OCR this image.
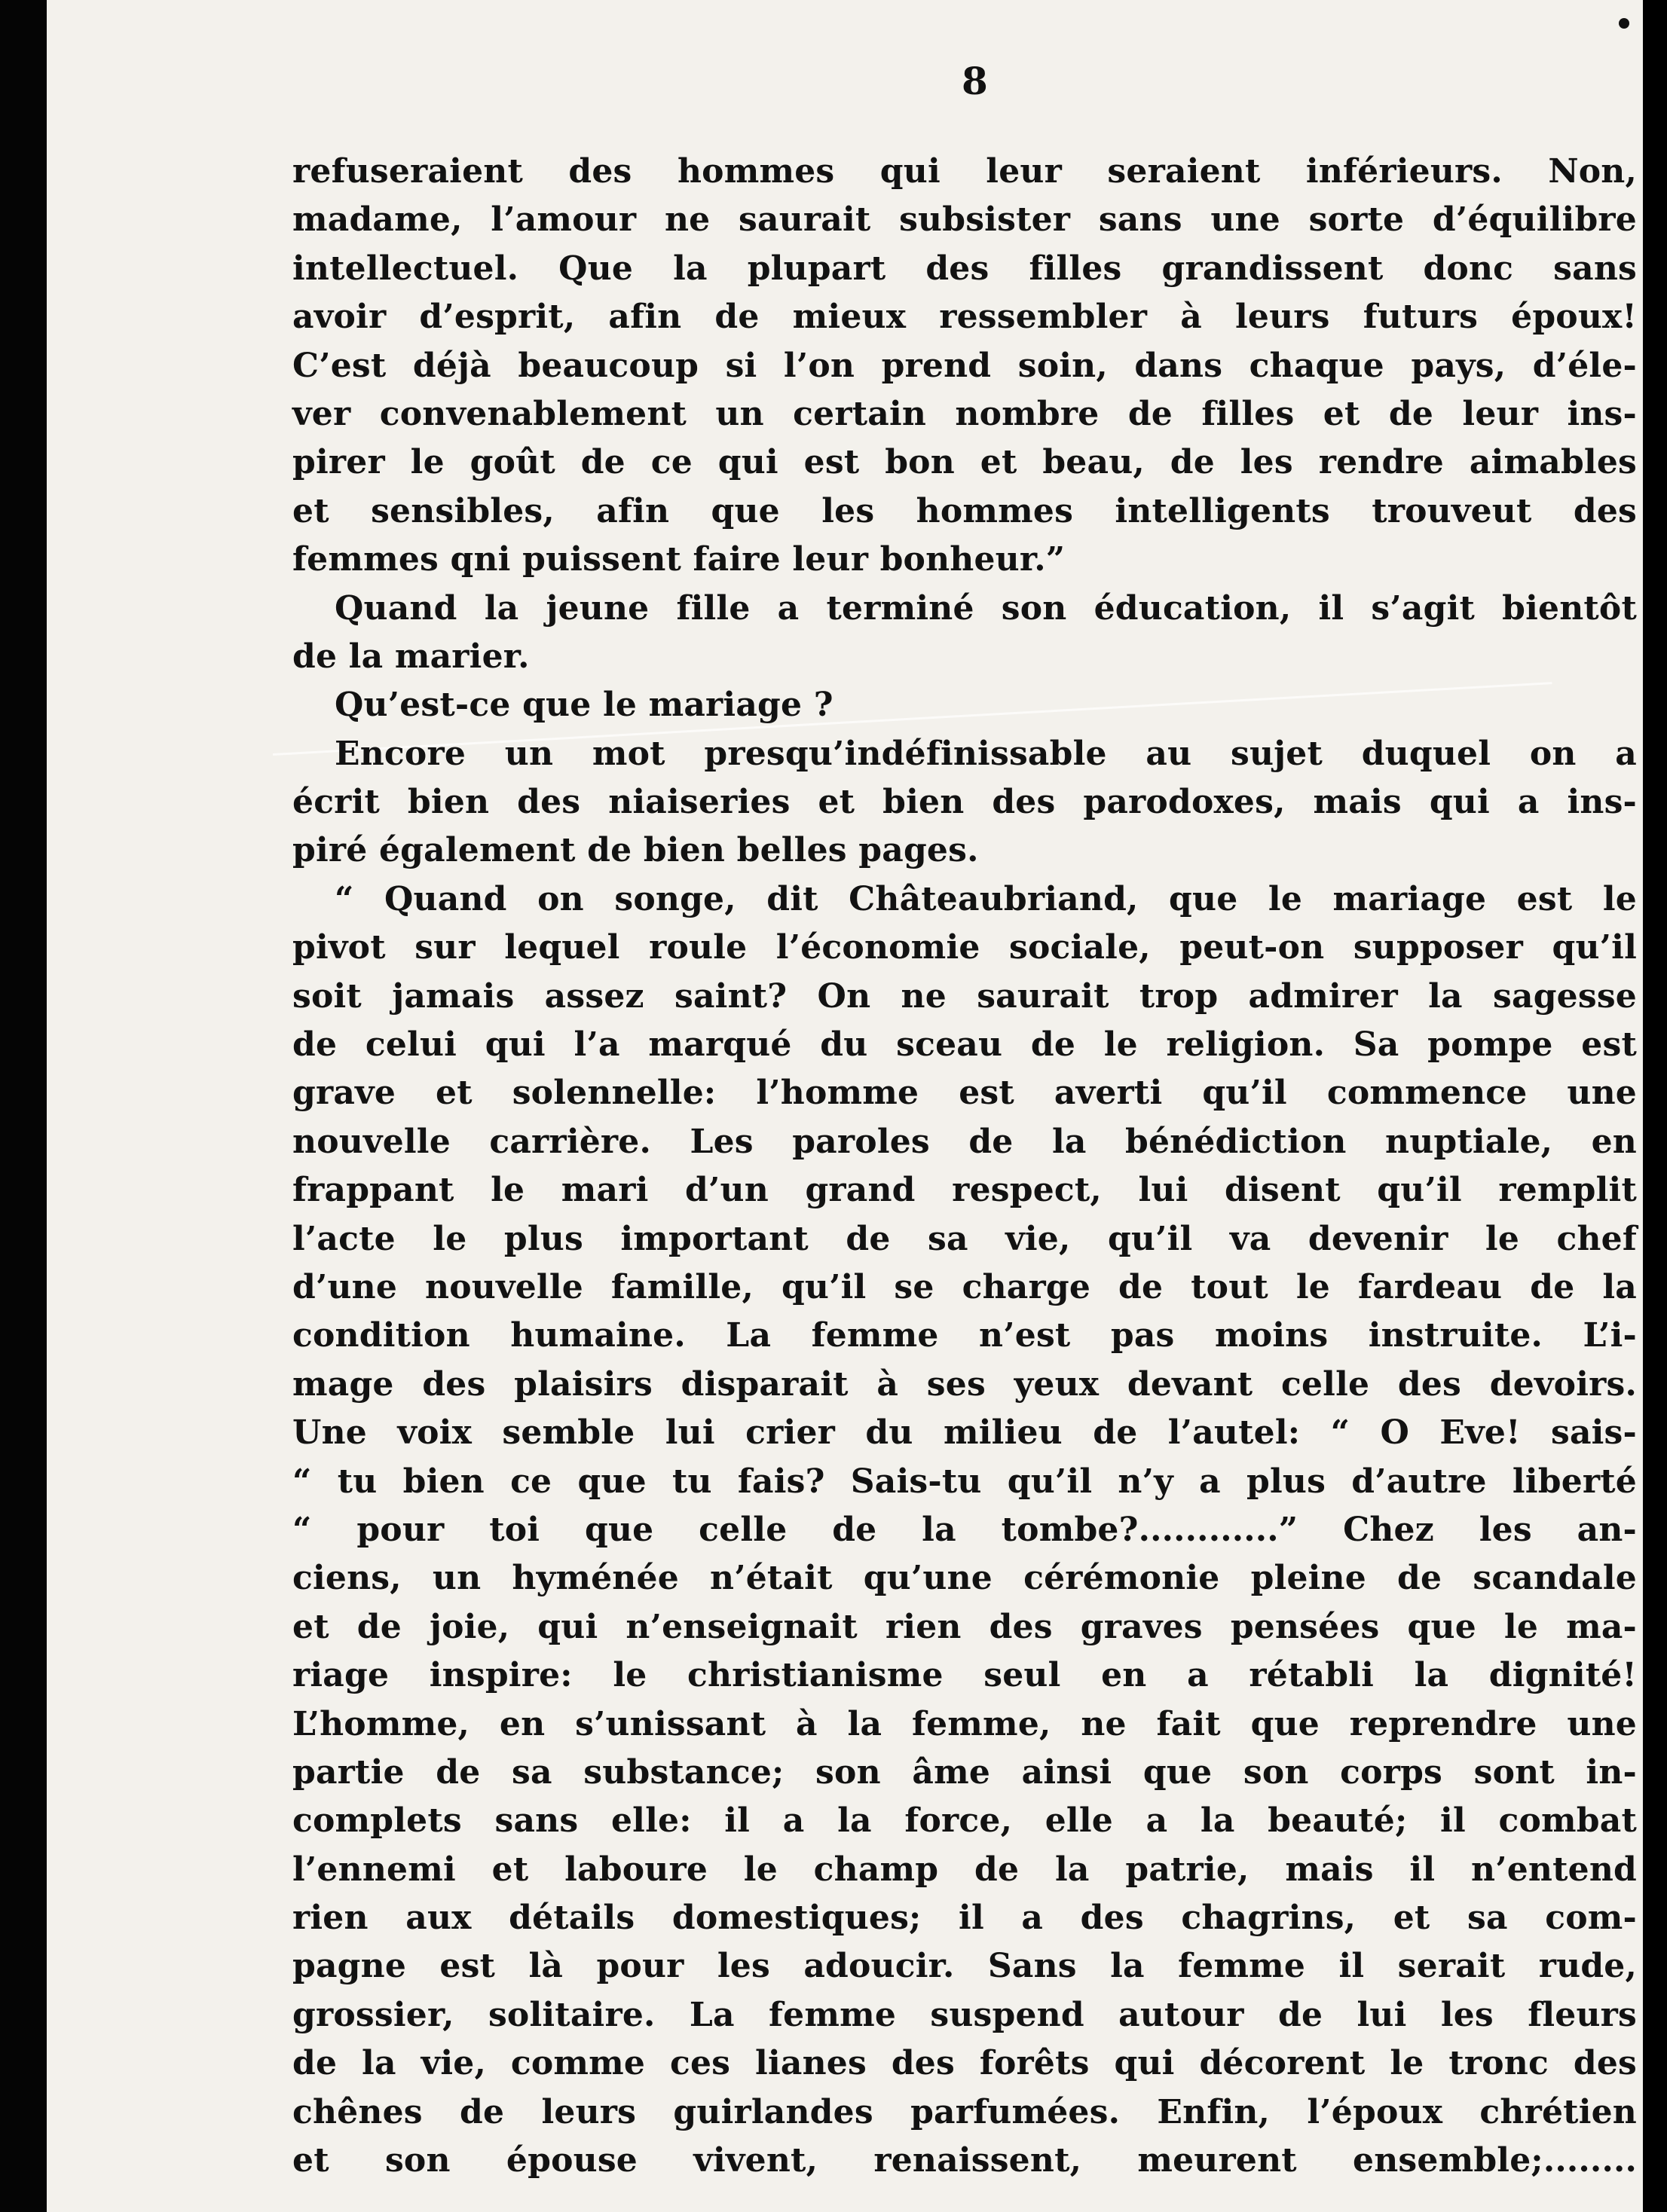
8
refuseraient des hommes qui leur seraient inférieurs. Non,
madame, l’amour ne saurait subsister sans une sorte d’équilibre
intellectuel. Que la plupart des filles grandissent donc sans
avoir d’esprit, afin de mieux ressembler à leurs futurs époux!
C’est déjà beaucoup si l’on prend soin, dans chaque pays, d’éle-
ver convenablement un certain nombre de filles et de leur ins-
pirer le goût de ce qui est bon et beau, de les rendre aimables
et sensibles, afin que les hommes intelligents trouveut des
femmes qni puissent faire leur bonheur.”
Quand la jeune fille a terminé son éducation, il s’agit bientôt
de la marier.
Qu’est-ce que le mariage ?
Encore un mot presqu’indéfinissable au sujet duquel on a
écrit bien des niaiseries et bien des parodoxes, mais qui a ins-
piré également de bien belles pages.
“ Quand on songe, dit Châteaubriand, que le mariage est le
pivot sur lequel roule l’économie sociale, peut-on supposer qu’il
soit jamais assez saint? On ne saurait trop admirer la sagesse
de celui qui l’a marqué du sceau de le religion. Sa pompe est
grave et solennelle: l’homme est averti qu’il commence une
nouvelle carrière. Les paroles de la bénédiction nuptiale, en
frappant le mari d’un grand respect, lui disent qu’il remplit
l’acte le plus important de sa vie, qu’il va devenir le chef
d’une nouvelle famille, qu’il se charge de tout le fardeau de la
condition humaine. La femme n’est pas moins instruite. L’i-
mage des plaisirs disparait à ses yeux devant celle des devoirs.
Une voix semble lui crier du milieu de l’autel: “ O Eve! sais-
“ tu bien ce que tu fais? Sais-tu qu’il n’y a plus d’autre liberté
“ pour toi que celle de la tombe?............” Chez les an-
ciens, un hyménée n’était qu’une cérémonie pleine de scandale
et de joie, qui n’enseignait rien des graves pensées que le ma-
riage inspire: le christianisme seul en a rétabli la dignité!
L’homme, en s’unissant à la femme, ne fait que reprendre une
partie de sa substance; son âme ainsi que son corps sont in-
complets sans elle: il a la force, elle a la beauté; il combat
l’ennemi et laboure le champ de la patrie, mais il n’entend
rien aux détails domestiques; il a des chagrins, et sa com-
pagne est là pour les adoucir. Sans la femme il serait rude,
grossier, solitaire. La femme suspend autour de lui les fleurs
de la vie, comme ces lianes des forêts qui décorent le tronc des
chênes de leurs guirlandes parfumées. Enfin, l’époux chrétien
et son épouse vivent, renaissent, meurent ensemble;........
